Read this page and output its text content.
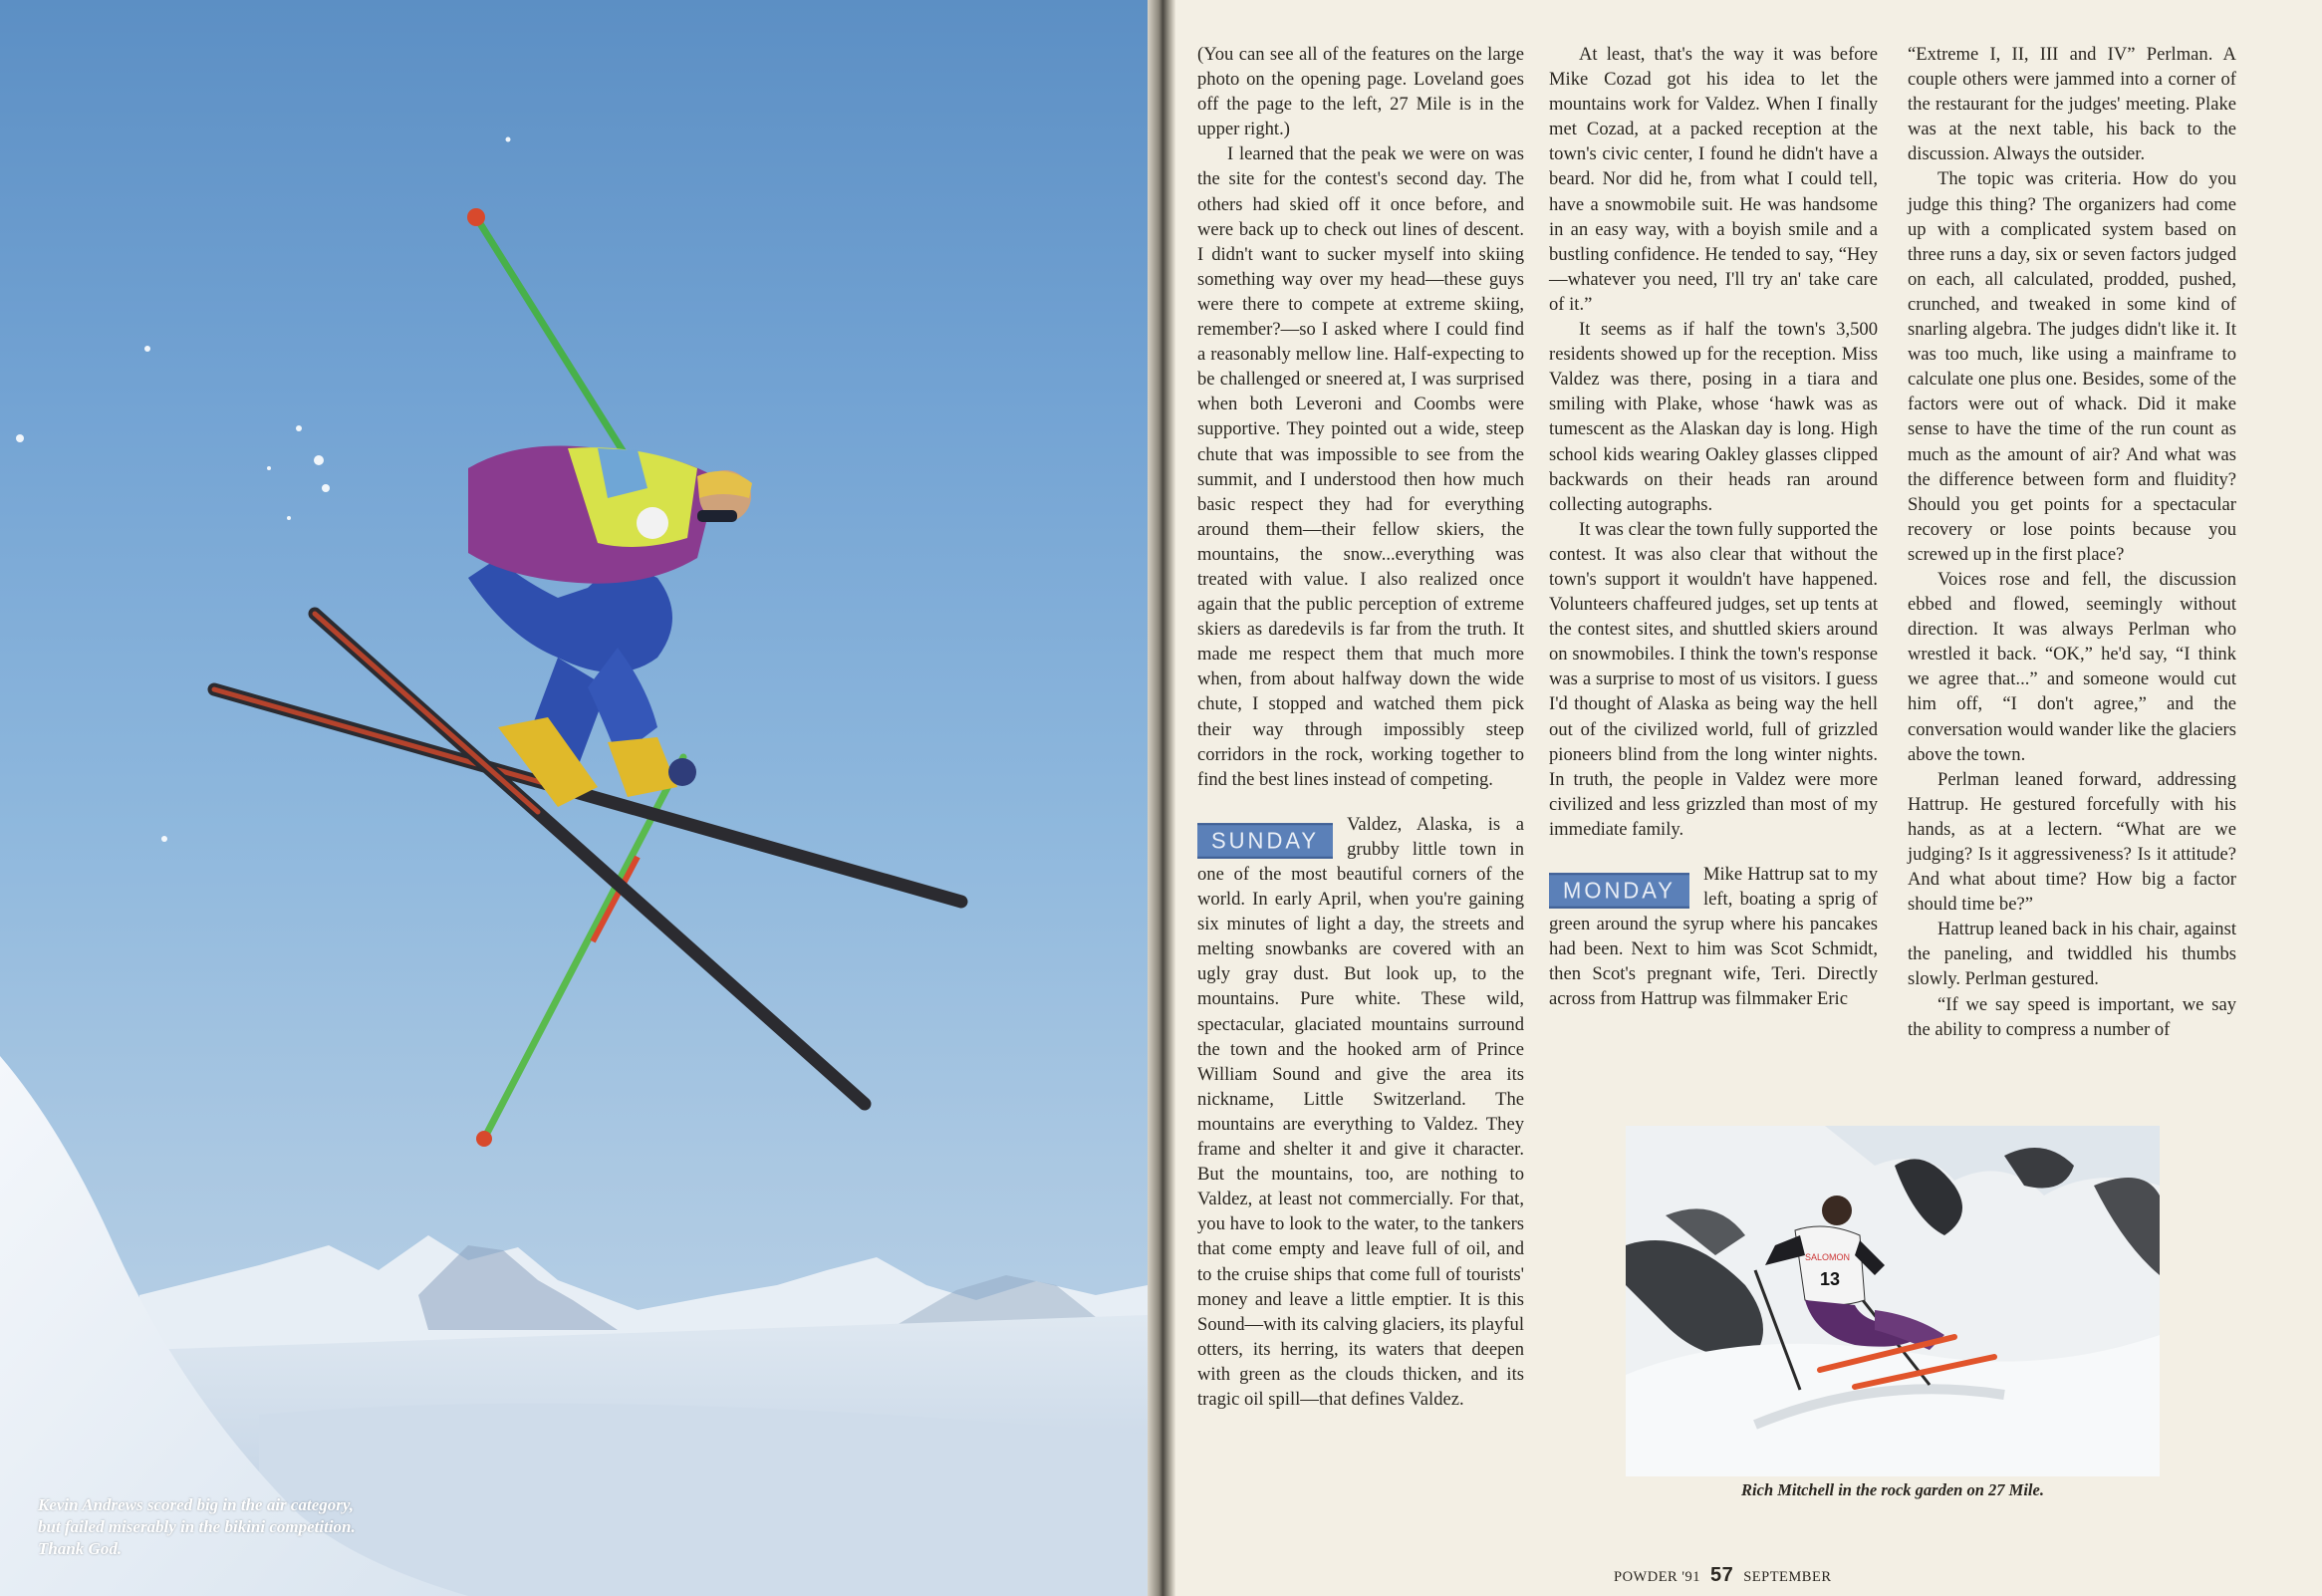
Kevin Andrews scored big in the air category, but failed miserably in the bikini competition. Thank God.

(You can see all of the features on the large photo on the opening page. Loveland goes off the page to the left, 27 Mile is in the upper right.)

I learned that the peak we were on was the site for the contest's second day. The others had skied off it once before, and were back up to check out lines of descent. I didn't want to sucker myself into skiing something way over my head—these guys were there to compete at extreme skiing, remember?—so I asked where I could find a reasonably mellow line. Half-expecting to be challenged or sneered at, I was surprised when both Leveroni and Coombs were supportive. They pointed out a wide, steep chute that was impossible to see from the summit, and I understood then how much basic respect they had for everything around them—their fellow skiers, the mountains, the snow...everything was treated with value. I also realized once again that the public perception of extreme skiers as daredevils is far from the truth. It made me respect them that much more when, from about halfway down the wide chute, I stopped and watched them pick their way through impossibly steep corridors in the rock, working together to find the best lines instead of competing.

SUNDAY

Valdez, Alaska, is a grubby little town in one of the most beautiful corners of the world. In early April, when you're gaining six minutes of light a day, the streets and melting snowbanks are covered with an ugly gray dust. But look up, to the mountains. Pure white. These wild, spectacular, glaciated mountains surround the town and the hooked arm of Prince William Sound and give the area its nickname, Little Switzerland. The mountains are everything to Valdez. They frame and shelter it and give it character. But the mountains, too, are nothing to Valdez, at least not commercially. For that, you have to look to the water, to the tankers that come empty and leave full of oil, and to the cruise ships that come full of tourists' money and leave a little emptier. It is this Sound—with its calving glaciers, its playful otters, its herring, its waters that deepen with green as the clouds thicken, and its tragic oil spill—that defines Valdez.

At least, that's the way it was before Mike Cozad got his idea to let the mountains work for Valdez. When I finally met Cozad, at a packed reception at the town's civic center, I found he didn't have a beard. Nor did he, from what I could tell, have a snowmobile suit. He was handsome in an easy way, with a boyish smile and a bustling confidence. He tended to say, “Hey—whatever you need, I'll try an' take care of it.”

It seems as if half the town's 3,500 residents showed up for the reception. Miss Valdez was there, posing in a tiara and smiling with Plake, whose ‘hawk was as tumescent as the Alaskan day is long. High school kids wearing Oakley glasses clipped backwards on their heads ran around collecting autographs.

It was clear the town fully supported the contest. It was also clear that without the town's support it wouldn't have happened. Volunteers chaffeured judges, set up tents at the contest sites, and shuttled skiers around on snowmobiles. I think the town's response was a surprise to most of us visitors. I guess I'd thought of Alaska as being way the hell out of the civilized world, full of grizzled pioneers blind from the long winter nights. In truth, the people in Valdez were more civilized and less grizzled than most of my immediate family.

MONDAY

Mike Hattrup sat to my left, boating a sprig of green around the syrup where his pancakes had been. Next to him was Scot Schmidt, then Scot's pregnant wife, Teri. Directly across from Hattrup was filmmaker Eric

“Extreme I, II, III and IV” Perlman. A couple others were jammed into a corner of the restaurant for the judges' meeting. Plake was at the next table, his back to the discussion. Always the outsider.

The topic was criteria. How do you judge this thing? The organizers had come up with a complicated system based on three runs a day, six or seven factors judged on each, all calculated, prodded, pushed, crunched, and tweaked in some kind of snarling algebra. The judges didn't like it. It was too much, like using a mainframe to calculate one plus one. Besides, some of the factors were out of whack. Did it make sense to have the time of the run count as much as the amount of air? And what was the difference between form and fluidity? Should you get points for a spectacular recovery or lose points because you screwed up in the first place?

Voices rose and fell, the discussion ebbed and flowed, seemingly without direction. It was always Perlman who wrestled it back. “OK,” he'd say, “I think we agree that...” and someone would cut him off, “I don't agree,” and the conversation would wander like the glaciers above the town.

Perlman leaned forward, addressing Hattrup. He gestured forcefully with his hands, as at a lectern. “What are we judging? Is it aggressiveness? Is it attitude? And what about time? How big a factor should time be?”

Hattrup leaned back in his chair, against the paneling, and twiddled his thumbs slowly. Perlman gestured.

“If we say speed is important, we say the ability to compress a number of

SALOMON
13
Rich Mitchell in the rock garden on 27 Mile.
POWDER '91 57 SEPTEMBER
